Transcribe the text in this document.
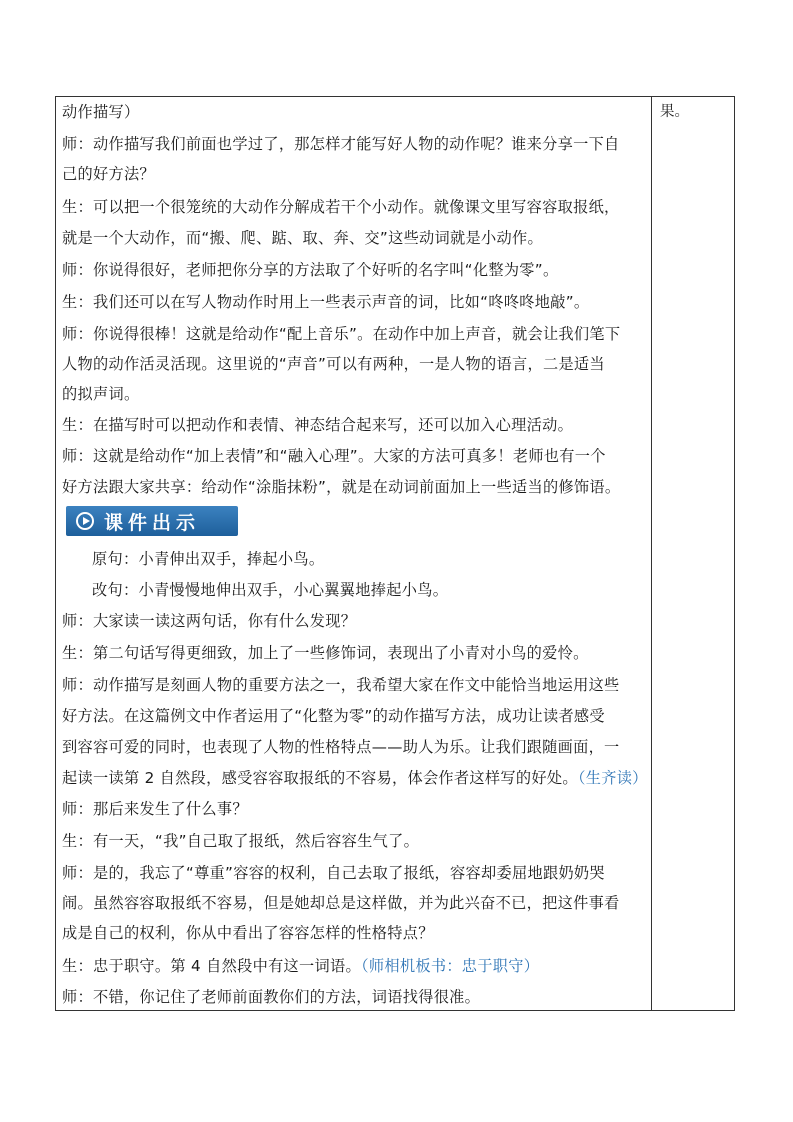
动作描写）
师：动作描写我们前面也学过了，那怎样才能写好人物的动作呢？谁来分享一下自
己的好方法？
生：可以把一个很笼统的大动作分解成若干个小动作。就像课文里写容容取报纸，
就是一个大动作，而“搬、爬、踮、取、奔、交”这些动词就是小动作。
师：你说得很好，老师把你分享的方法取了个好听的名字叫“化整为零”。
生：我们还可以在写人物动作时用上一些表示声音的词，比如“咚咚咚地敲”。
师：你说得很棒！这就是给动作“配上音乐”。在动作中加上声音，就会让我们笔下
人物的动作活灵活现。这里说的“声音”可以有两种，一是人物的语言，二是适当
的拟声词。
生：在描写时可以把动作和表情、神态结合起来写，还可以加入心理活动。
师：这就是给动作“加上表情”和“融入心理”。大家的方法可真多！老师也有一个
好方法跟大家共享：给动作“涂脂抹粉”，就是在动词前面加上一些适当的修饰语。
课件出示
原句：小青伸出双手，捧起小鸟。
改句：小青慢慢地伸出双手，小心翼翼地捧起小鸟。
师：大家读一读这两句话，你有什么发现？
生：第二句话写得更细致，加上了一些修饰词，表现出了小青对小鸟的爱怜。
师：动作描写是刻画人物的重要方法之一，我希望大家在作文中能恰当地运用这些
好方法。在这篇例文中作者运用了“化整为零”的动作描写方法，成功让读者感受
到容容可爱的同时，也表现了人物的性格特点——助人为乐。让我们跟随画面，一
起读一读第 2 自然段，感受容容取报纸的不容易，体会作者这样写的好处。（生齐读）
师：那后来发生了什么事？
生：有一天，“我”自己取了报纸，然后容容生气了。
师：是的，我忘了“尊重”容容的权利，自己去取了报纸，容容却委屈地跟奶奶哭
闹。虽然容容取报纸不容易，但是她却总是这样做，并为此兴奋不已，把这件事看
成是自己的权利，你从中看出了容容怎样的性格特点？
生：忠于职守。第 4 自然段中有这一词语。（师相机板书：忠于职守）
师：不错，你记住了老师前面教你们的方法，词语找得很准。
果。
